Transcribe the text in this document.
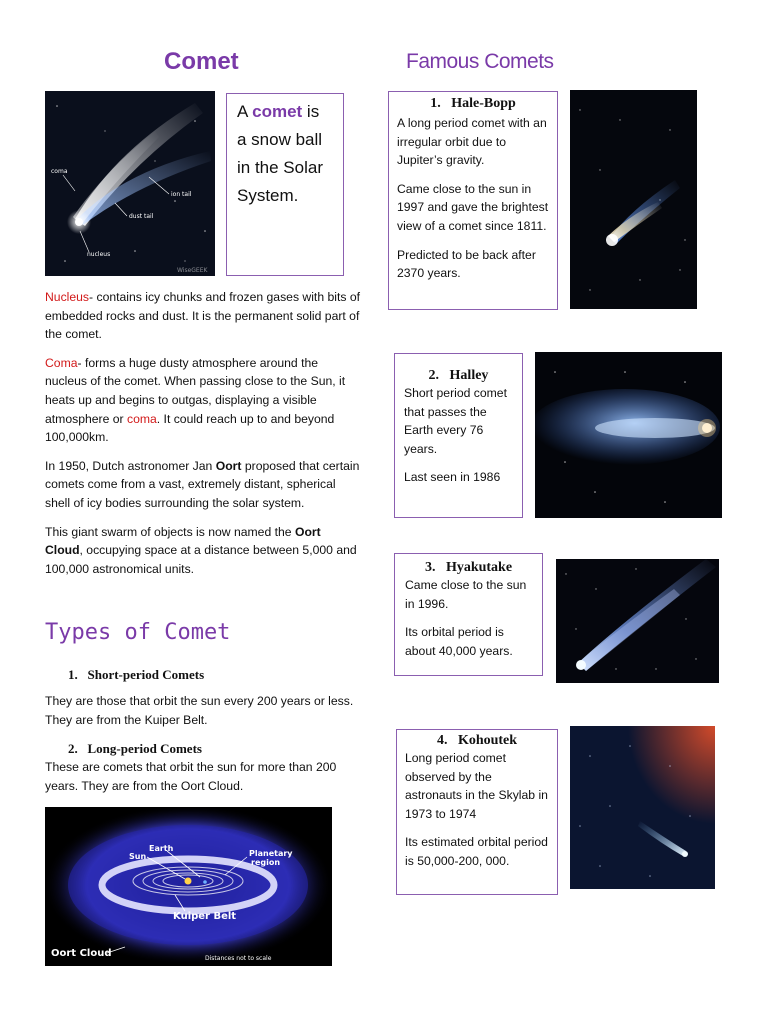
Comet
coma
ion tail
dust tail
nucleus
WiseGEEK

A comet is a snow ball in the Solar System.

Nucleus- contains icy chunks and frozen gases with bits of embedded rocks and dust. It is the permanent solid part of the comet.

Coma- forms a huge dusty atmosphere around the nucleus of the comet. When passing close to the Sun, it heats up and begins to outgas, displaying a visible atmosphere or coma. It could reach up to and beyond 100,000km.

In 1950, Dutch astronomer Jan Oort proposed that certain comets come from a vast, extremely distant, spherical shell of icy bodies surrounding the solar system.

This giant swarm of objects is now named the Oort Cloud, occupying space at a distance between 5,000 and 100,000 astronomical units.

Types of Comet
1.   Short-period Comets
They are those that orbit the sun every 200 years or less. They are from the Kuiper Belt.
2.   Long-period Comets
These are comets that orbit the sun for more than 200 years. They are from the Oort Cloud.
Earth
Sun	Planetary
region
Kuiper Belt
Oort Cloud	Distances not to scale
Famous Comets
1.   Hale-Bopp

A long period comet with an irregular orbit due to Jupiter’s gravity.

Came close to the sun in 1997 and gave the brightest view of a comet since 1811.

Predicted to be back after 2370 years.

2.   Halley

Short period comet that passes the Earth every 76 years.

Last seen in 1986

3.   Hyakutake

Came close to the sun in 1996.

Its orbital period is about 40,000 years.

4.   Kohoutek

Long period comet observed by the astronauts in the Skylab in 1973 to 1974

Its estimated orbital period is 50,000-200, 000.
